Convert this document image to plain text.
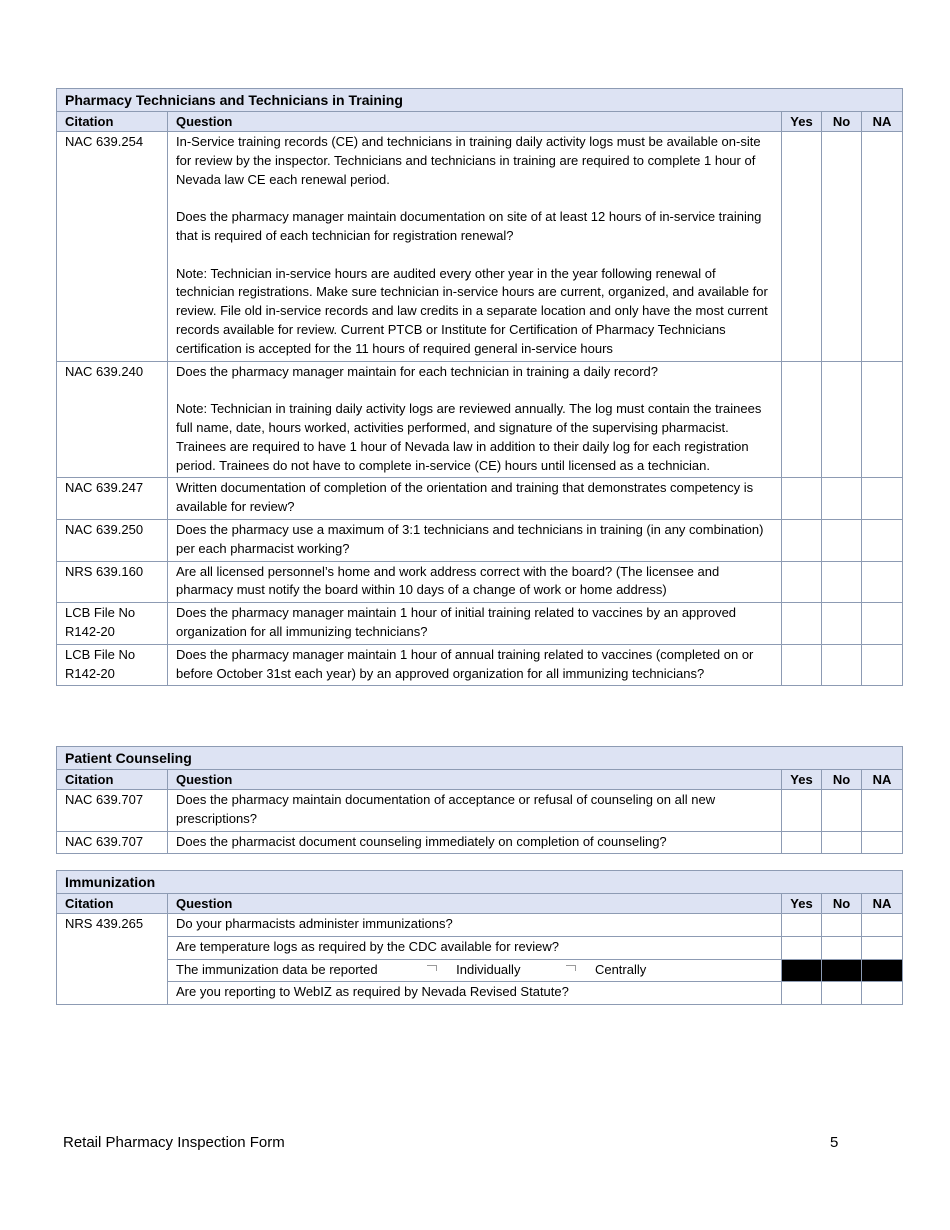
Pharmacy Technicians and Technicians in Training				
Citation	Question	Yes	No	NA
NAC 639.254	In-Service training records (CE) and technicians in training daily activity logs must be available on-site for review by the inspector. Technicians and technicians in training are required to complete 1 hour of Nevada law CE each renewal period.

Does the pharmacy manager maintain documentation on site of at least 12 hours of in-service training that is required of each technician for registration renewal?

Note: Technician in-service hours are audited every other year in the year following renewal of technician registrations. Make sure technician in-service hours are current, organized, and available for review. File old in-service records and law credits in a separate location and only have the most current records available for review. Current PTCB or Institute for Certification of Pharmacy Technicians certification is accepted for the 11 hours of required general in-service hours			

NAC 639.240	Does the pharmacy manager maintain for each technician in training a daily record?

Note: Technician in training daily activity logs are reviewed annually. The log must contain the trainees full name, date, hours worked, activities performed, and signature of the supervising pharmacist. Trainees are required to have 1 hour of Nevada law in addition to their daily log for each registration period. Trainees do not have to complete in-service (CE) hours until licensed as a technician.			

NAC 639.247	Written documentation of completion of the orientation and training that demonstrates competency is available for review?			

NAC 639.250	Does the pharmacy use a maximum of 3:1 technicians and technicians in training (in any combination) per each pharmacist working?			

NRS 639.160	Are all licensed personnel’s home and work address correct with the board? (The licensee and pharmacy must notify the board within 10 days of a change of work or home address)			

LCB File No R142-20	Does the pharmacy manager maintain 1 hour of initial training related to vaccines by an approved organization for all immunizing technicians?			

LCB File No R142-20	Does the pharmacy manager maintain 1 hour of annual training related to vaccines (completed on or before October 31st each year) by an approved organization for all immunizing technicians?			

Patient Counseling				
Citation	Question	Yes	No	NA
NAC 639.707	Does the pharmacy maintain documentation of acceptance or refusal of counseling on all new prescriptions?			

NAC 639.707	Does the pharmacist document counseling immediately on completion of counseling?			

Immunization				
Citation	Question	Yes	No	NA
NRS 439.265	Do your pharmacists administer immunizations?			
	Are temperature logs as required by the CDC available for review?			
	The immunization data be reported Individually Centrally			
	Are you reporting to WebIZ as required by Nevada Revised Statute?			
Retail Pharmacy Inspection Form	5
